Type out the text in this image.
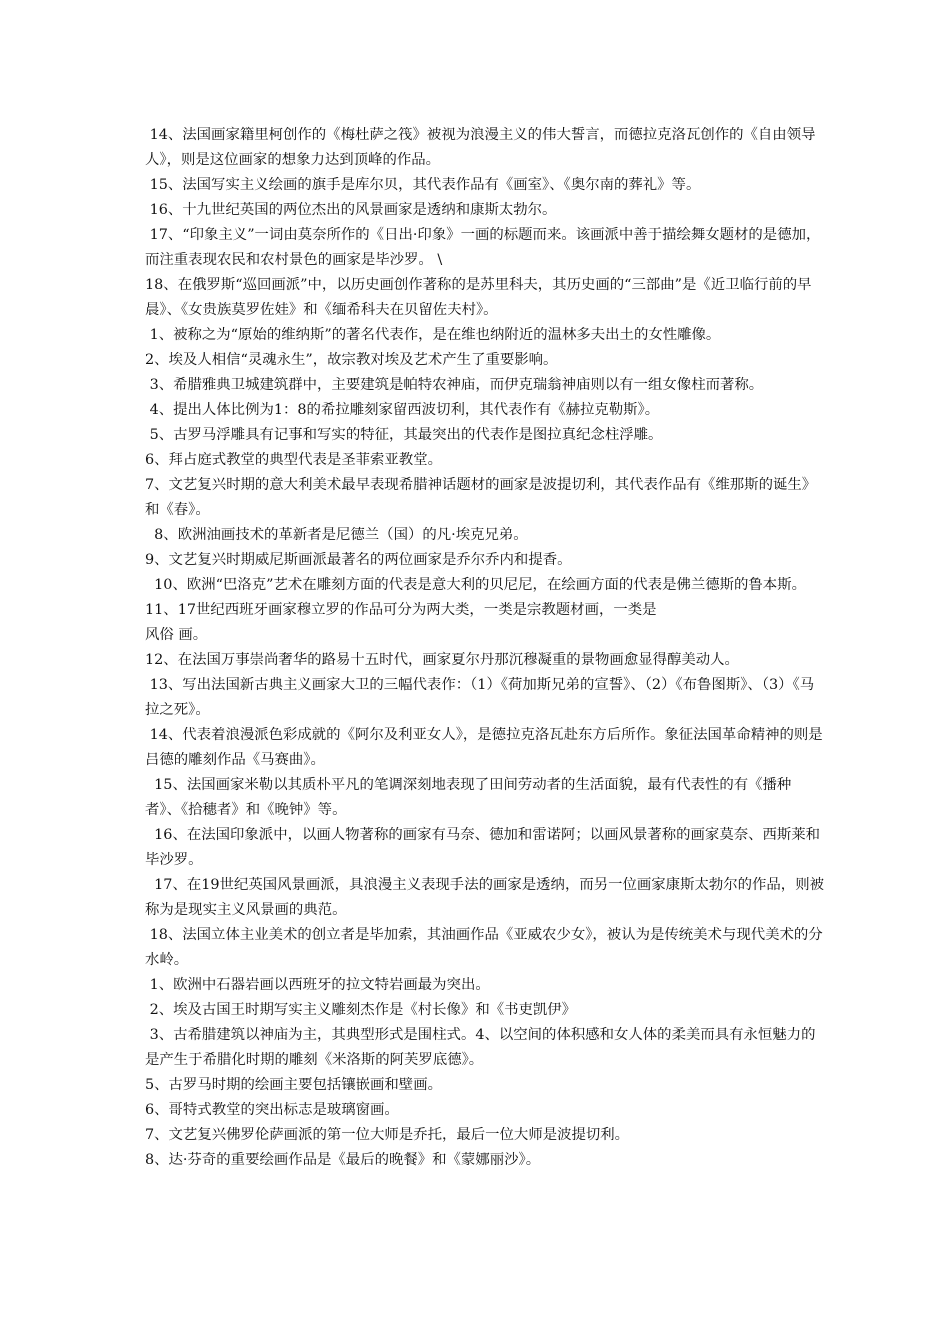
14、法国画家籍里柯创作的《梅杜萨之筏》被视为浪漫主义的伟大誓言，而德拉克洛瓦创作的《自由领导人》，则是这位画家的想象力达到顶峰的作品。

15、法国写实主义绘画的旗手是库尔贝，其代表作品有《画室》、《奥尔南的葬礼》等。

16、十九世纪英国的两位杰出的风景画家是透纳和康斯太勃尔。

17、“印象主义”一词由莫奈所作的《日出·印象》一画的标题而来。该画派中善于描绘舞女题材的是德加，而注重表现农民和农村景色的画家是毕沙罗。 \

18、在俄罗斯“巡回画派”中，以历史画创作著称的是苏里科夫，其历史画的“三部曲”是《近卫临行前的早晨》、《女贵族莫罗佐娃》和《缅希科夫在贝留佐夫村》。

1、被称之为“原始的维纳斯”的著名代表作，是在维也纳附近的温林多夫出土的女性雕像。

2、埃及人相信“灵魂永生”，故宗教对埃及艺术产生了重要影响。

3、希腊雅典卫城建筑群中，主要建筑是帕特农神庙，而伊克瑞翁神庙则以有一组女像柱而著称。

4、提出人体比例为1：8的希拉雕刻家留西波切利，其代表作有《赫拉克勒斯》。

5、古罗马浮雕具有记事和写实的特征，其最突出的代表作是图拉真纪念柱浮雕。

6、拜占庭式教堂的典型代表是圣菲索亚教堂。

7、文艺复兴时期的意大利美术最早表现希腊神话题材的画家是波提切利，其代表作品有《维那斯的诞生》和《春》。

8、欧洲油画技术的革新者是尼德兰（国）的凡·埃克兄弟。

9、文艺复兴时期威尼斯画派最著名的两位画家是乔尔乔内和提香。

10、欧洲“巴洛克”艺术在雕刻方面的代表是意大利的贝尼尼，在绘画方面的代表是佛兰德斯的鲁本斯。

11、17世纪西班牙画家穆立罗的作品可分为两大类，一类是宗教题材画，一类是
风俗 画。

12、在法国万事崇尚奢华的路易十五时代，画家夏尔丹那沉穆凝重的景物画愈显得醇美动人。

13、写出法国新古典主义画家大卫的三幅代表作：（1）《荷加斯兄弟的宣誓》、（2）《布鲁图斯》、（3）《马拉之死》。

14、代表着浪漫派色彩成就的《阿尔及利亚女人》，是德拉克洛瓦赴东方后所作。象征法国革命精神的则是吕德的雕刻作品《马赛曲》。

15、法国画家米勒以其质朴平凡的笔调深刻地表现了田间劳动者的生活面貌，最有代表性的有《播种者》、《拾穗者》和《晚钟》等。

16、在法国印象派中，以画人物著称的画家有马奈、德加和雷诺阿；以画风景著称的画家莫奈、西斯莱和毕沙罗。

17、在19世纪英国风景画派，具浪漫主义表现手法的画家是透纳，而另一位画家康斯太勃尔的作品，则被称为是现实主义风景画的典范。

18、法国立体主业美术的创立者是毕加索，其油画作品《亚威农少女》，被认为是传统美术与现代美术的分水岭。

1、欧洲中石器岩画以西班牙的拉文特岩画最为突出。

2、埃及古国王时期写实主义雕刻杰作是《村长像》和《书吏凯伊》

3、古希腊建筑以神庙为主，其典型形式是围柱式。4、以空间的体积感和女人体的柔美而具有永恒魅力的是产生于希腊化时期的雕刻《米洛斯的阿芙罗底德》。

5、古罗马时期的绘画主要包括镶嵌画和壁画。

6、哥特式教堂的突出标志是玻璃窗画。

7、文艺复兴佛罗伦萨画派的第一位大师是乔托，最后一位大师是波提切利。

8、达·芬奇的重要绘画作品是《最后的晚餐》和《蒙娜丽沙》。
